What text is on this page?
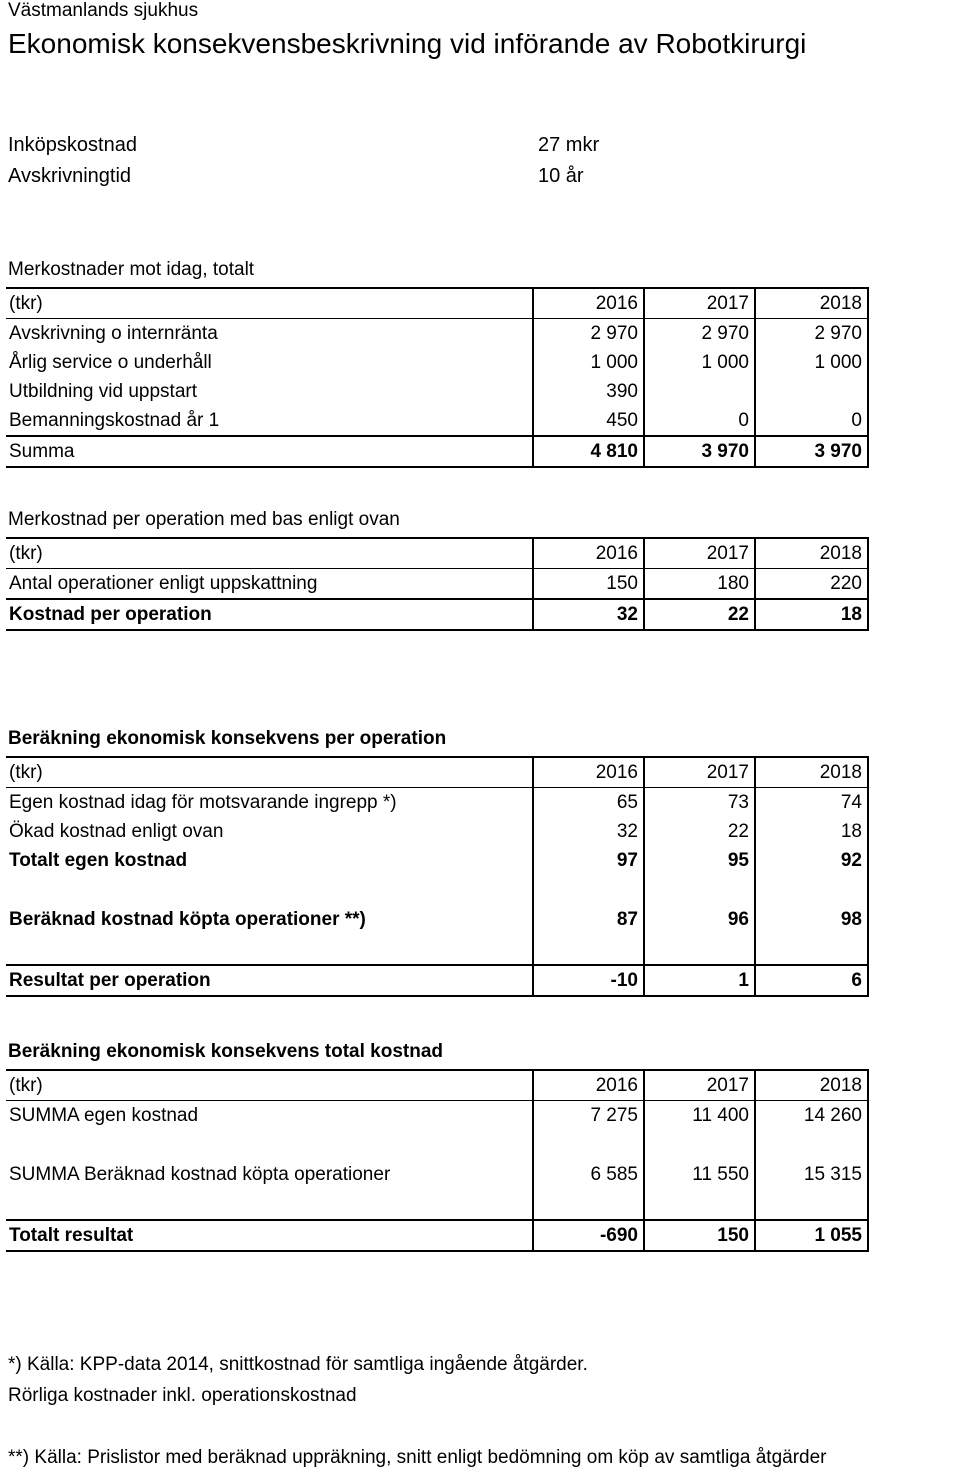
Västmanlands sjukhus
Ekonomisk konsekvensbeskrivning vid införande av Robotkirurgi
Inköpskostnad	27 mkr
Avskrivningtid	10 år
Merkostnader mot idag, totalt
(tkr)	2016	2017	2018
Avskrivning o internränta	2 970	2 970	2 970
Årlig service o underhåll	1 000	1 000	1 000
Utbildning vid uppstart	390		
Bemanningskostnad år 1	450	0	0
Summa	4 810	3 970	3 970
Merkostnad per operation med bas enligt ovan
(tkr)	2016	2017	2018
Antal operationer enligt uppskattning	150	180	220
Kostnad per operation	32	22	18
Beräkning ekonomisk konsekvens per operation
(tkr)	2016	2017	2018
Egen kostnad idag för motsvarande ingrepp *)	65	73	74
Ökad kostnad enligt ovan	32	22	18
Totalt egen kostnad	97	95	92

Beräknad kostnad köpta operationer **)	87	96	98

Resultat per operation	-10	1	6
Beräkning ekonomisk konsekvens total kostnad
(tkr)	2016	2017	2018
SUMMA egen kostnad	7 275	11 400	14 260

SUMMA Beräknad kostnad köpta operationer	6 585	11 550	15 315

Totalt resultat	-690	150	1 055
*) Källa: KPP-data 2014, snittkostnad för samtliga ingående åtgärder.
Rörliga kostnader inkl. operationskostnad
**) Källa: Prislistor med beräknad uppräkning, snitt enligt bedömning om köp av samtliga åtgärder
